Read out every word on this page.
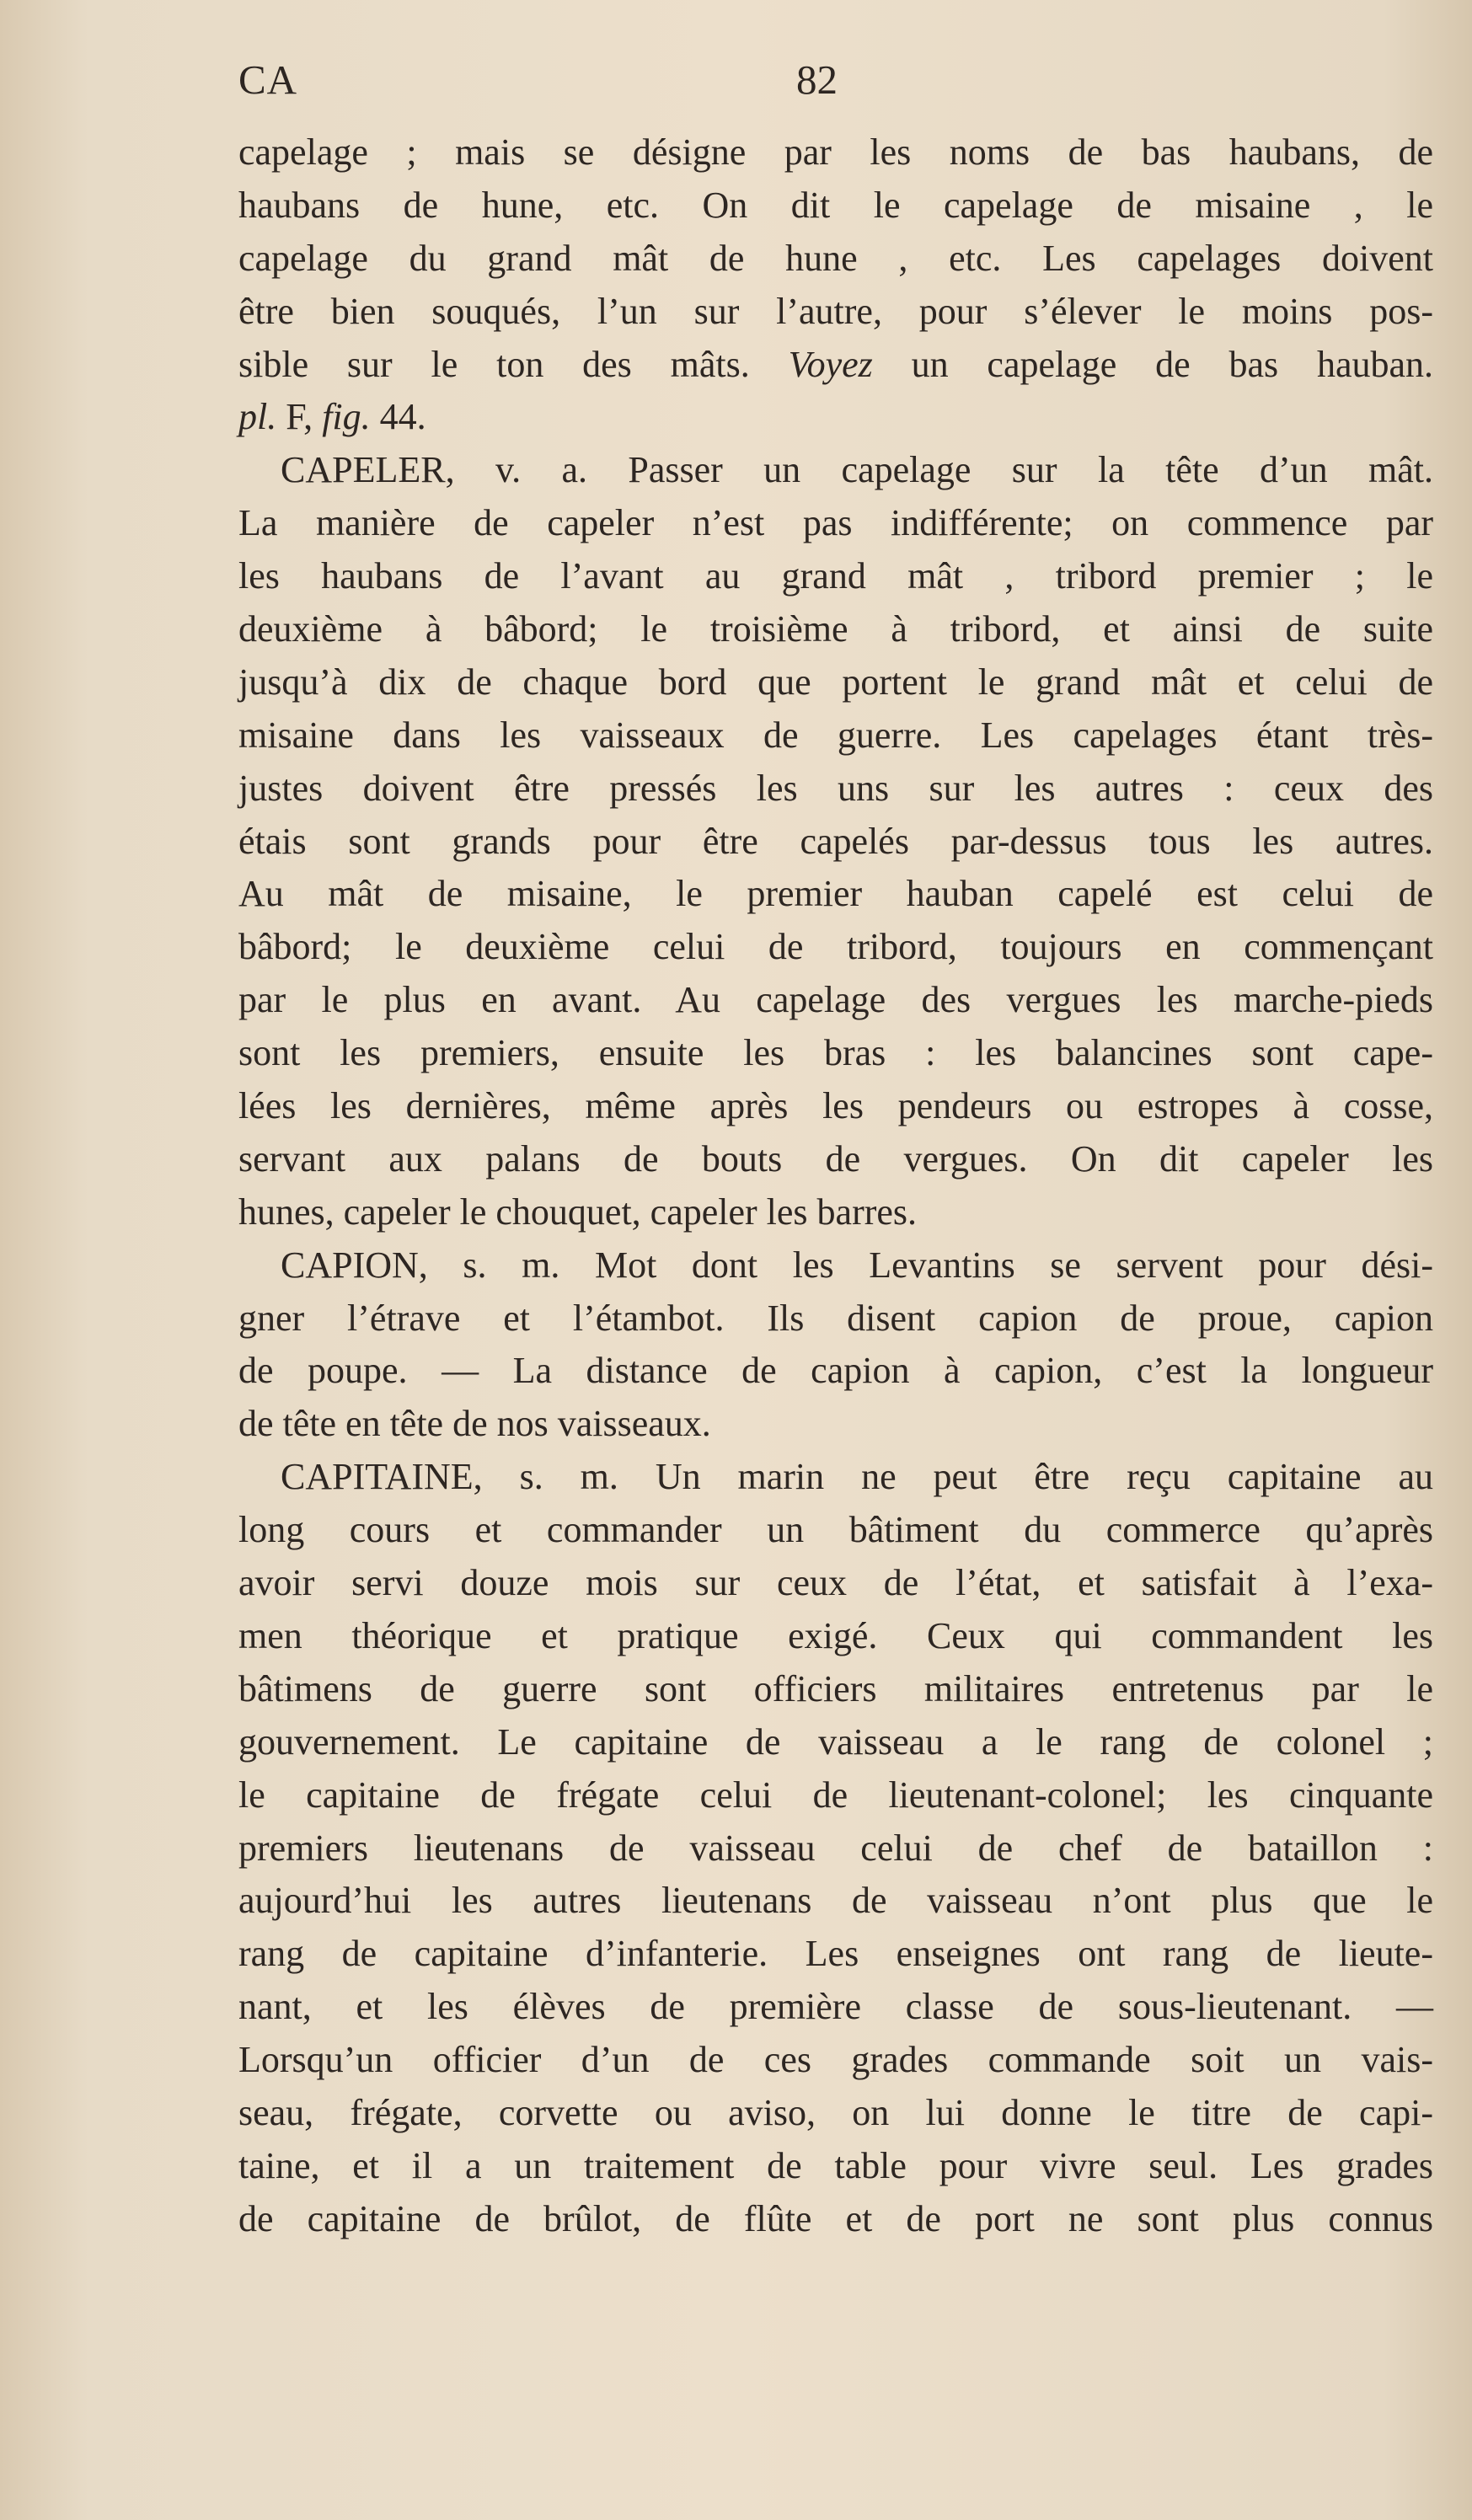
CA	82
capelage ; mais se désigne par les noms de bas haubans, de
haubans de hune, etc. On dit le capelage de misaine , le
capelage du grand mât de hune , etc. Les capelages doivent
être bien souqués, l’un sur l’autre, pour s’élever le moins pos-
sible sur le ton des mâts. Voyez un capelage de bas hauban.
pl. F, fig. 44.
CAPELER, v. a. Passer un capelage sur la tête d’un mât.
La manière de capeler n’est pas indifférente; on commence par
les haubans de l’avant au grand mât , tribord premier ; le
deuxième à bâbord; le troisième à tribord, et ainsi de suite
jusqu’à dix de chaque bord que portent le grand mât et celui de
misaine dans les vaisseaux de guerre. Les capelages étant très-
justes doivent être pressés les uns sur les autres : ceux des
étais sont grands pour être capelés par-dessus tous les autres.
Au mât de misaine, le premier hauban capelé est celui de
bâbord; le deuxième celui de tribord, toujours en commençant
par le plus en avant. Au capelage des vergues les marche-pieds
sont les premiers, ensuite les bras : les balancines sont cape-
lées les dernières, même après les pendeurs ou estropes à cosse,
servant aux palans de bouts de vergues. On dit capeler les
hunes, capeler le chouquet, capeler les barres.
CAPION, s. m. Mot dont les Levantins se servent pour dési-
gner l’étrave et l’étambot. Ils disent capion de proue, capion
de poupe. — La distance de capion à capion, c’est la longueur
de tête en tête de nos vaisseaux.
CAPITAINE, s. m. Un marin ne peut être reçu capitaine au
long cours et commander un bâtiment du commerce qu’après
avoir servi douze mois sur ceux de l’état, et satisfait à l’exa-
men théorique et pratique exigé. Ceux qui commandent les
bâtimens de guerre sont officiers militaires entretenus par le
gouvernement. Le capitaine de vaisseau a le rang de colonel ;
le capitaine de frégate celui de lieutenant-colonel; les cinquante
premiers lieutenans de vaisseau celui de chef de bataillon :
aujourd’hui les autres lieutenans de vaisseau n’ont plus que le
rang de capitaine d’infanterie. Les enseignes ont rang de lieute-
nant, et les élèves de première classe de sous-lieutenant. —
Lorsqu’un officier d’un de ces grades commande soit un vais-
seau, frégate, corvette ou aviso, on lui donne le titre de capi-
taine, et il a un traitement de table pour vivre seul. Les grades
de capitaine de brûlot, de flûte et de port ne sont plus connus
